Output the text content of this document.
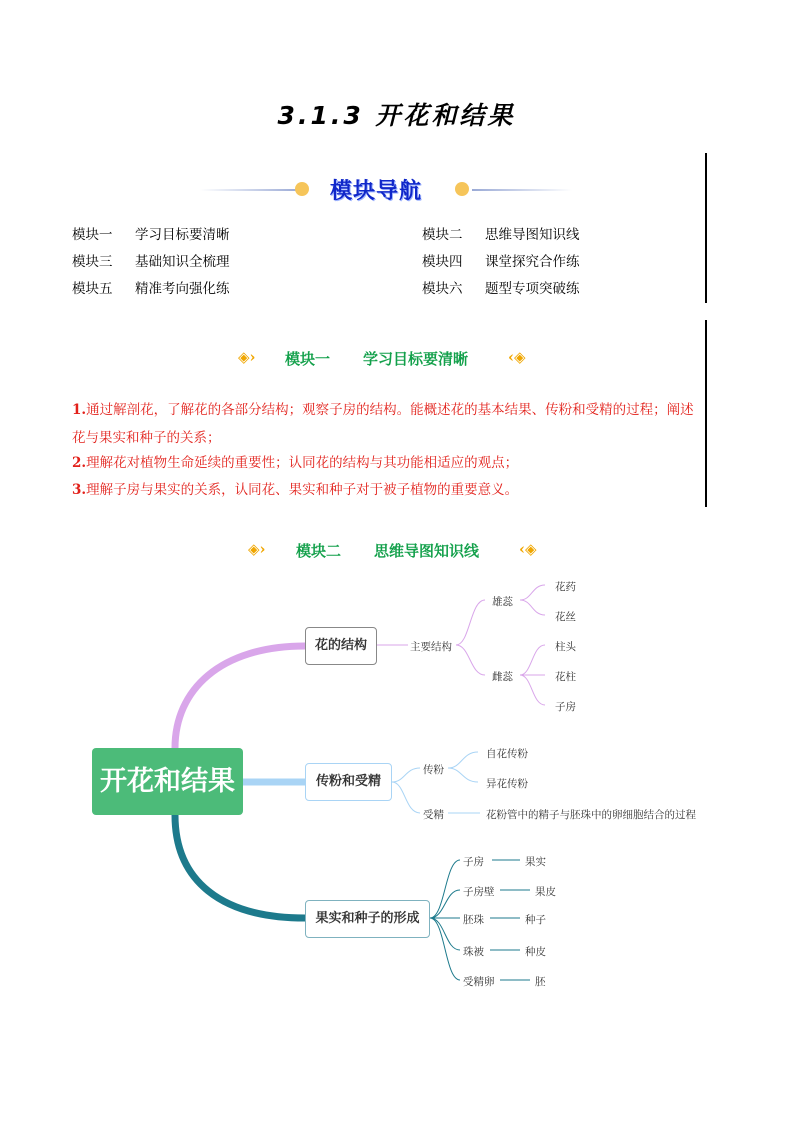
3.1.3 开花和结果
模块导航
模块一 学习目标要清晰	模块二 思维导图知识线
模块三 基础知识全梳理	模块四 课堂探究合作练
模块五 精准考向强化练	模块六 题型专项突破练
◈› 模块一 学习目标要清晰	‹◈
1.通过解剖花，了解花的各部分结构；观察子房的结构。能概述花的基本结果、传粉和受精的过程；阐述花与果实和种子的关系；
2.理解花对植物生命延续的重要性；认同花的结构与其功能相适应的观点；
3.理解子房与果实的关系，认同花、果实和种子对于被子植物的重要意义。
◈› 模块二 思维导图知识线	‹◈
开花和结果
花的结构
传粉和受精
果实和种子的形成
主要结构
雄蕊
花药
花丝
雌蕊
柱头
花柱
子房
传粉
自花传粉
异花传粉
受精	花粉管中的精子与胚珠中的卵细胞结合的过程
子房	果实
子房壁	果皮
胚珠	种子
珠被	种皮
受精卵	胚
